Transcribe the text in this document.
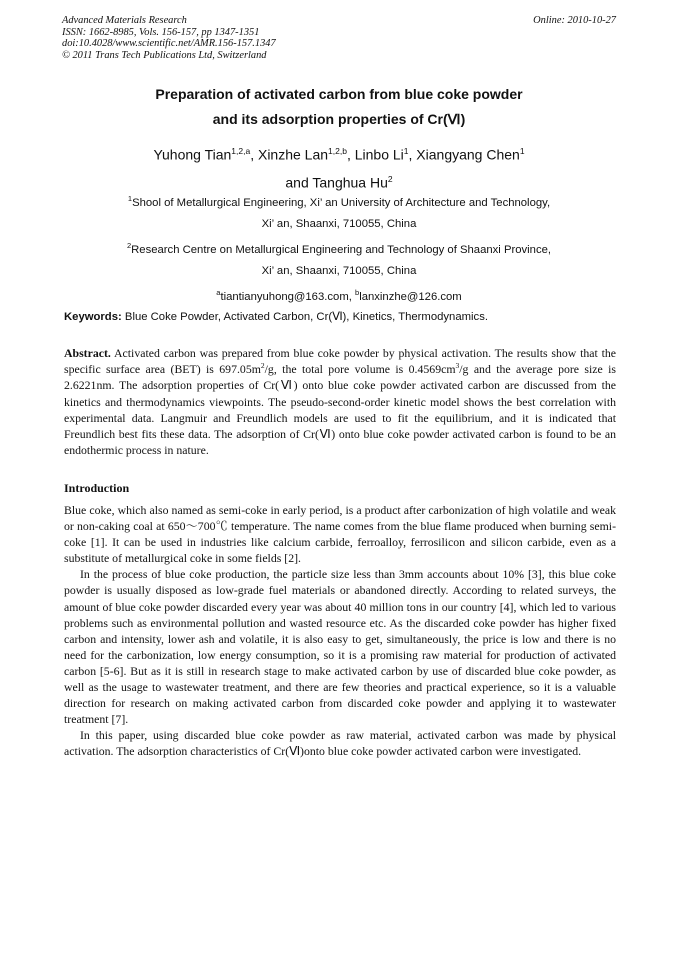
Advanced Materials Research
ISSN: 1662-8985, Vols. 156-157, pp 1347-1351
doi:10.4028/www.scientific.net/AMR.156-157.1347
© 2011 Trans Tech Publications Ltd, Switzerland
Online: 2010-10-27
Preparation of activated carbon from blue coke powder
and its adsorption properties of Cr(Ⅵ)
Yuhong Tian$^{1,2,a}$, Xinzhe Lan$^{1,2,b}$, Linbo Li$^1$, Xiangyang Chen$^1$
and Tanghua Hu$^2$
$^1$Shool of Metallurgical Engineering, Xi’ an University of Architecture and Technology,
Xi’ an, Shaanxi, 710055, China
$^2$Research Centre on Metallurgical Engineering and Technology of Shaanxi Province,
Xi’ an, Shaanxi, 710055, China
$^a$tiantianyuhong@163.com, $^b$lanxinzhe@126.com
Keywords: Blue Coke Powder, Activated Carbon, Cr(Ⅵ), Kinetics, Thermodynamics.
Abstract. Activated carbon was prepared from blue coke powder by physical activation. The results show that the specific surface area (BET) is $697.05m^2/g$, the total pore volume is $0.4569cm^3/g$ and the average pore size is 2.6221nm. The adsorption properties of Cr(Ⅵ) onto blue coke powder activated carbon are discussed from the kinetics and thermodynamics viewpoints. The pseudo-second-order kinetic model shows the best correlation with experimental data. Langmuir and Freundlich models are used to fit the equilibrium, and it is indicated that Freundlich best fits these data. The adsorption of Cr(Ⅵ) onto blue coke powder activated carbon is found to be an endothermic process in nature.
Introduction

Blue coke, which also named as semi-coke in early period, is a product after carbonization of high volatile and weak or non-caking coal at 650～700℃ temperature. The name comes from the blue flame produced when burning semi-coke [1]. It can be used in industries like calcium carbide, ferroalloy, ferrosilicon and silicon carbide, even as a substitute of metallurgical coke in some fields [2].

In the process of blue coke production, the particle size less than 3mm accounts about 10% [3], this blue coke powder is usually disposed as low-grade fuel materials or abandoned directly. According to related surveys, the amount of blue coke powder discarded every year was about 40 million tons in our country [4], which led to various problems such as environmental pollution and wasted resource etc. As the discarded coke powder has higher fixed carbon and intensity, lower ash and volatile, it is also easy to get, simultaneously, the price is low and there is no need for the carbonization, low energy consumption, so it is a promising raw material for production of activated carbon [5-6]. But as it is still in research stage to make activated carbon by use of discarded blue coke powder, as well as the usage to wastewater treatment, and there are few theories and practical experience, so it is a valuable direction for research on making activated carbon from discarded coke powder and applying it to wastewater treatment [7].

In this paper, using discarded blue coke powder as raw material, activated carbon was made by physical activation. The adsorption characteristics of Cr(Ⅵ)onto blue coke powder activated carbon were investigated.
